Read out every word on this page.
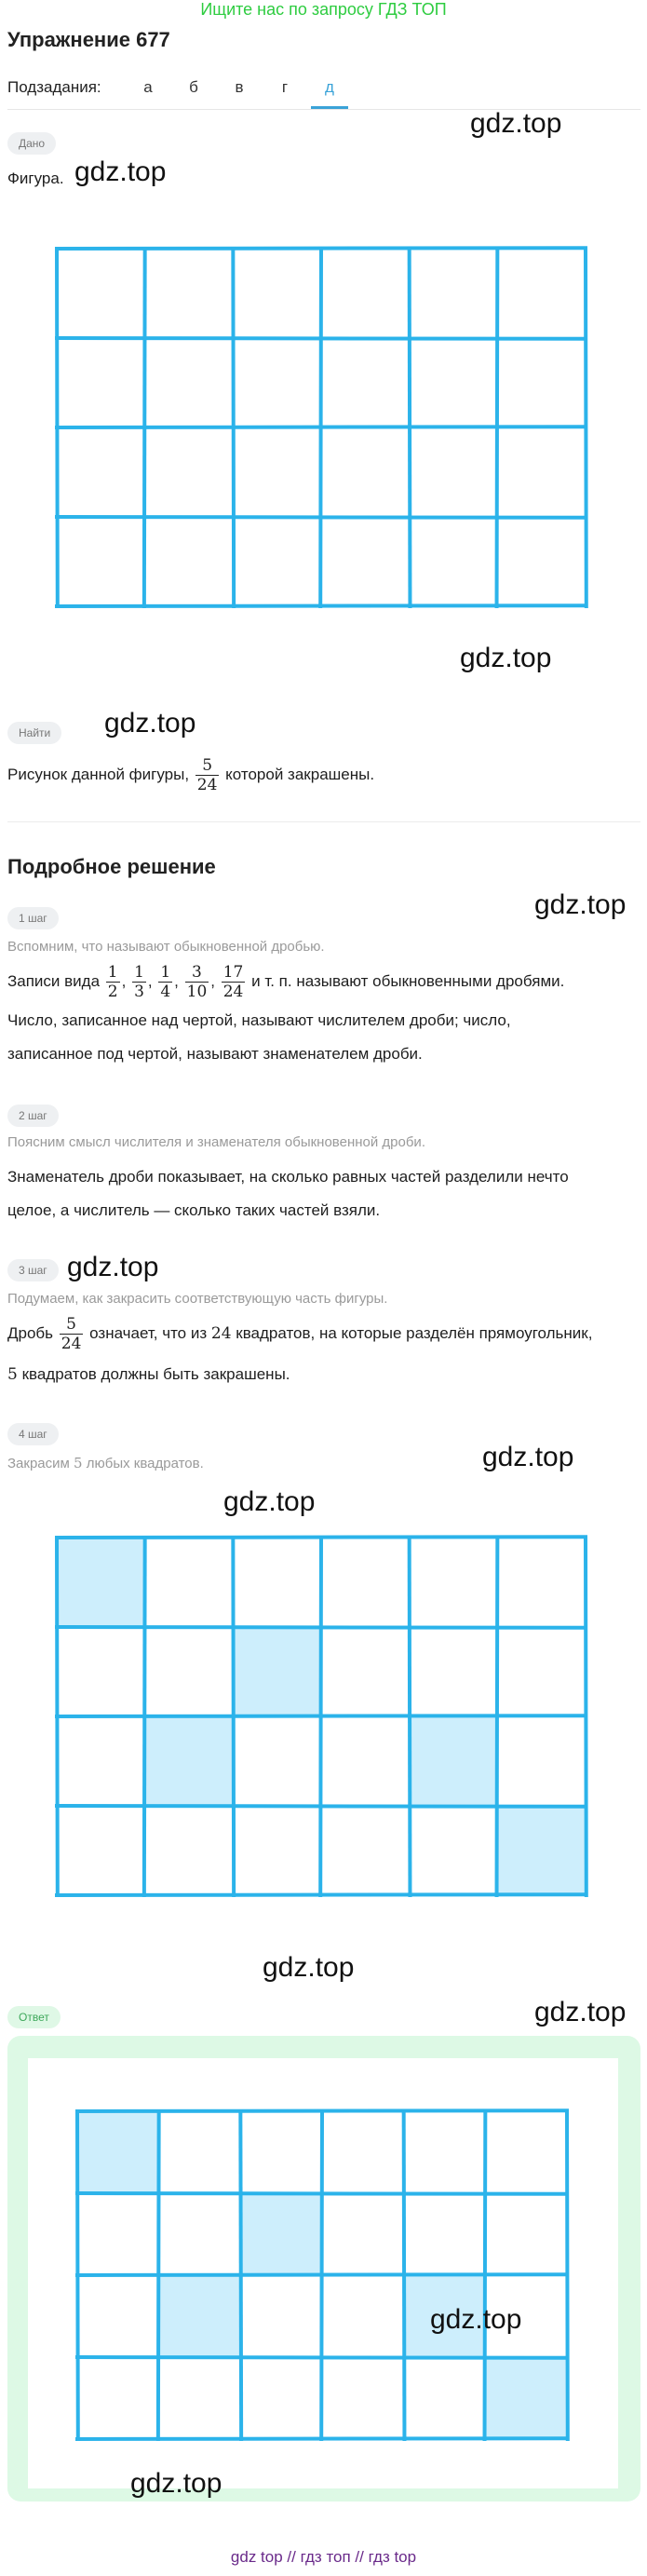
Ищите нас по запросу ГДЗ ТОП
Упражнение 677
Подзадания:	а	б	в	г	д
Дано
gdz.top
Фигура. gdz.top
gdz.top
Найти	gdz.top
Рисунок данной фигуры, $\frac{5}{24}$ которой закрашены.
Подробное решение
gdz.top
1 шаг
Вспомним, что называют обыкновенной дробью.
Записи вида $\frac{1}{2}$ , $\frac{1}{3}$ , $\frac{1}{4}$ , $\frac{3}{10}$ , $\frac{17}{24}$ и т. п. называют обыкновенными дробями.
Число, записанное над чертой, называют числителем дроби; число,
записанное под чертой, называют знаменателем дроби.
2 шаг
Поясним смысл числителя и знаменателя обыкновенной дроби.
Знаменатель дроби показывает, на сколько равных частей разделили нечто
целое, а числитель — сколько таких частей взяли.
3 шаг gdz.top
Подумаем, как закрасить соответствующую часть фигуры.
Дробь $\frac{5}{24}$ означает, что из 24 квадратов, на которые разделён прямоугольник,
5 квадратов должны быть закрашены.
4 шаг
gdz.top
Закрасим 5 любых квадратов.
gdz.top
gdz.top
Ответ	gdz.top
gdz.top
gdz.top
gdz top // гдз топ // гдз top
